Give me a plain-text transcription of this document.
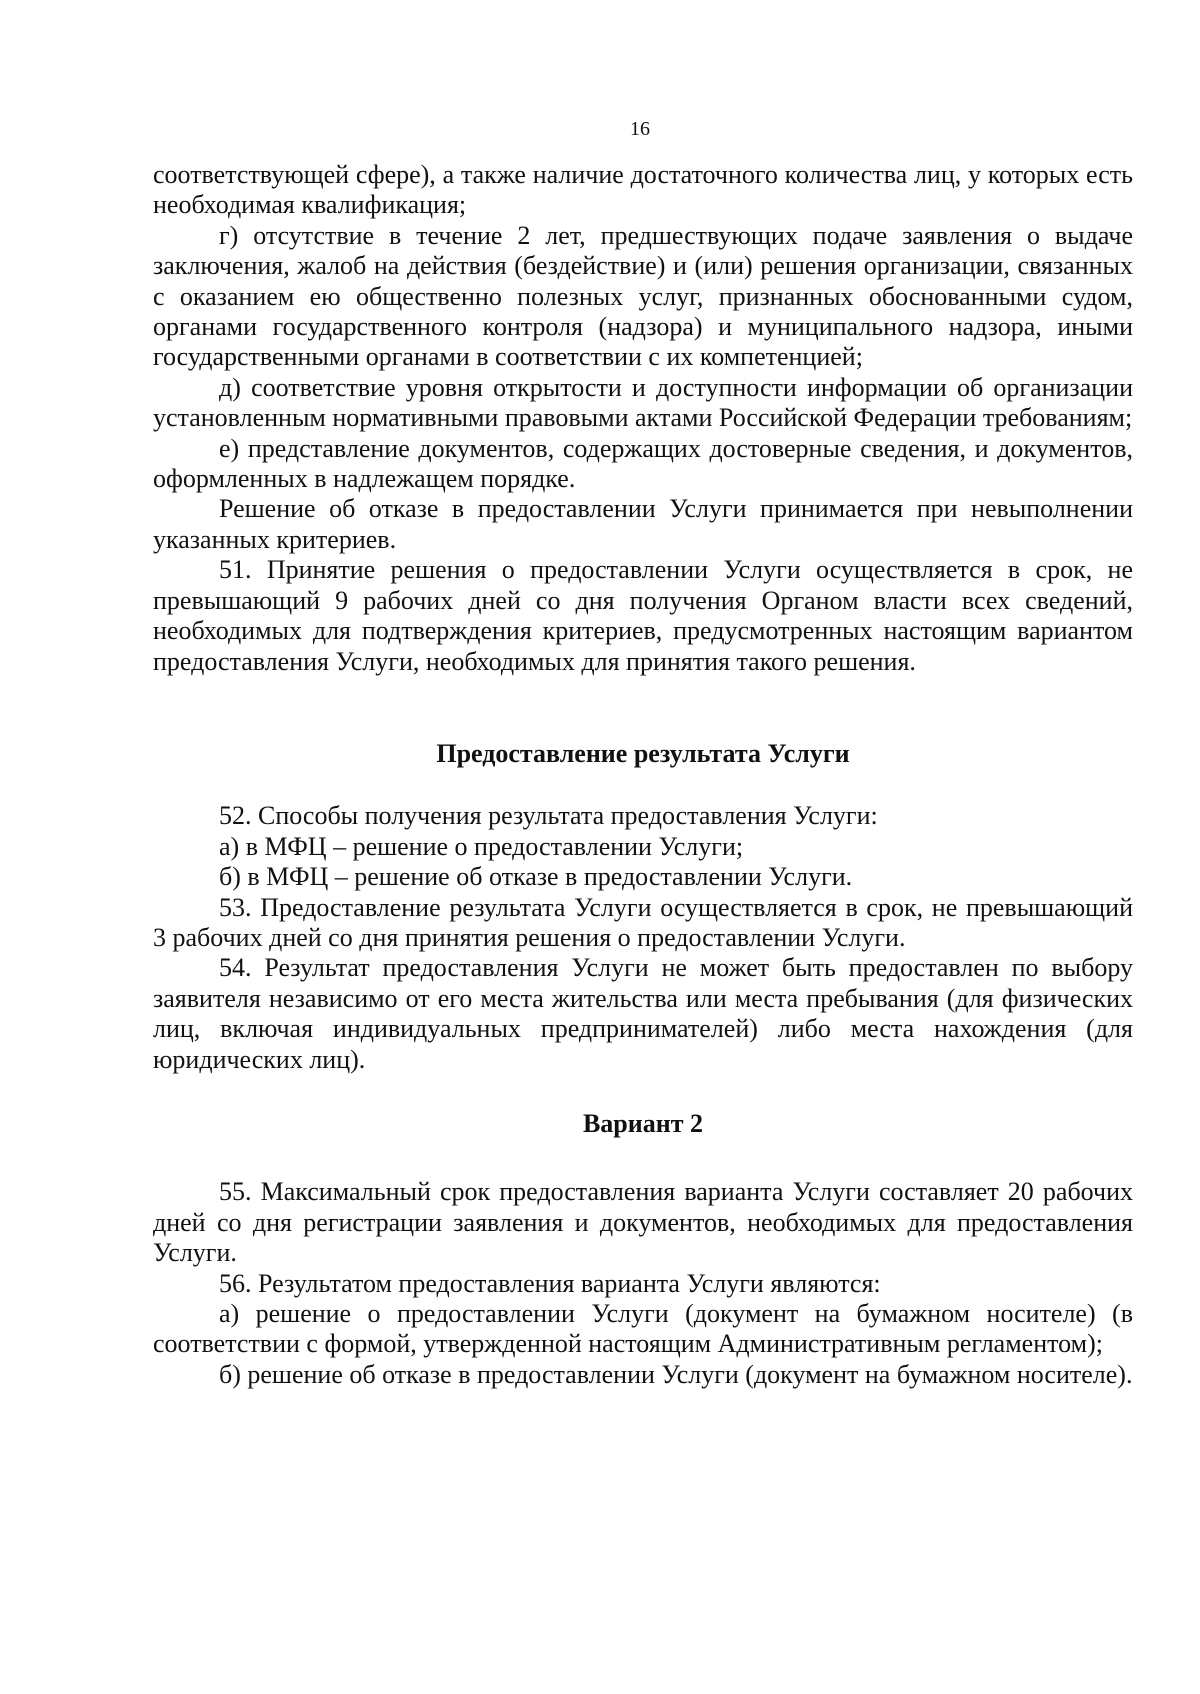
16

соответствующей сфере), а также наличие достаточного количества лиц, у которых есть необходимая квалификация;

г) отсутствие в течение 2 лет, предшествующих подаче заявления о выдаче заключения, жалоб на действия (бездействие) и (или) решения организации, связанных с оказанием ею общественно полезных услуг, признанных обоснованными судом, органами государственного контроля (надзора) и муниципального надзора, иными государственными органами в соответствии с их компетенцией;

д) соответствие уровня открытости и доступности информации об организации установленным нормативными правовыми актами Российской Федерации требованиям;

е) представление документов, содержащих достоверные сведения, и документов, оформленных в надлежащем порядке.

Решение об отказе в предоставлении Услуги принимается при невыполнении указанных критериев.

51. Принятие решения о предоставлении Услуги осуществляется в срок, не превышающий 9 рабочих дней со дня получения Органом власти всех сведений, необходимых для подтверждения критериев, предусмотренных настоящим вариантом предоставления Услуги, необходимых для принятия такого решения.

Предоставление результата Услуги

52. Способы получения результата предоставления Услуги:

а) в МФЦ – решение о предоставлении Услуги;

б) в МФЦ – решение об отказе в предоставлении Услуги.

53. Предоставление результата Услуги осуществляется в срок, не превышающий 3 рабочих дней со дня принятия решения о предоставлении Услуги.

54. Результат предоставления Услуги не может быть предоставлен по выбору заявителя независимо от его места жительства или места пребывания (для физических лиц, включая индивидуальных предпринимателей) либо места нахождения (для юридических лиц).

Вариант 2

55. Максимальный срок предоставления варианта Услуги составляет 20 рабочих дней со дня регистрации заявления и документов, необходимых для предоставления Услуги.

56. Результатом предоставления варианта Услуги являются:

а) решение о предоставлении Услуги (документ на бумажном носителе) (в соответствии с формой, утвержденной настоящим Административным регламентом);

б) решение об отказе в предоставлении Услуги (документ на бумажном носителе).
